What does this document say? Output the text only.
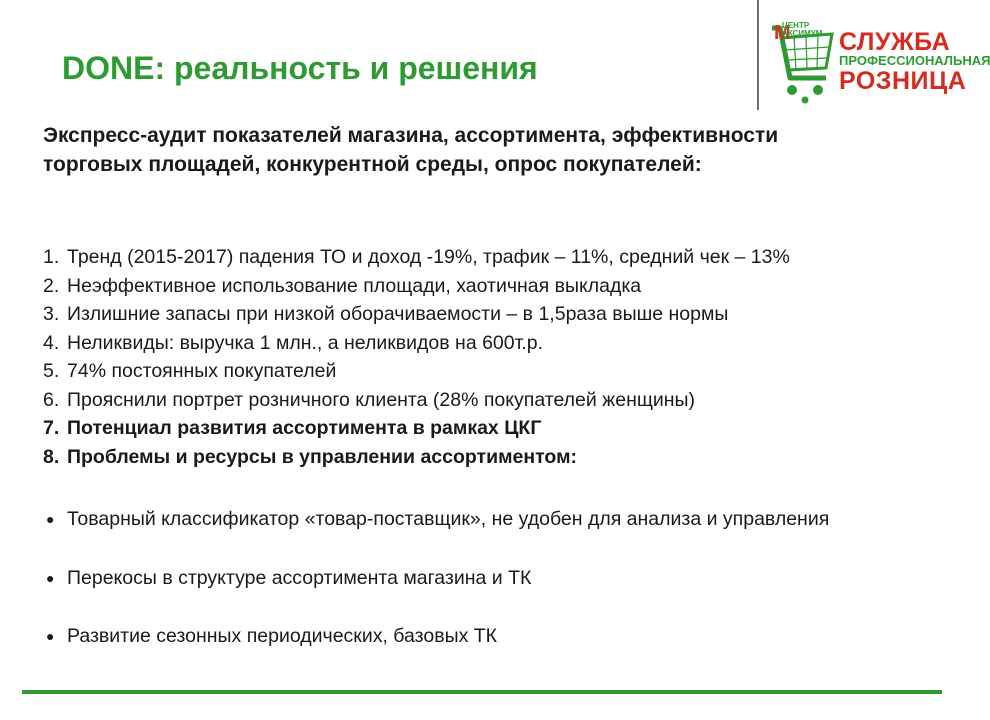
DONE: реальность и решения
М
ЦЕНТР
АКСИМУМ СЛУЖБА
ПРОФЕССИОНАЛЬНАЯ
РОЗНИЦА

Экспресс-аудит показателей магазина, ассортимента, эффективности торговых площадей, конкурентной среды, опрос покупателей:

1. Тренд (2015-2017) падения ТО и доход -19%, трафик – 11%, средний чек – 13%
2. Неэффективное использование площади, хаотичная выкладка
3. Излишние запасы при низкой оборачиваемости – в 1,5раза выше нормы
4. Неликвиды: выручка 1 млн., а неликвидов на 600т.р.
5. 74% постоянных покупателей
6. Прояснили портрет розничного клиента (28% покупателей женщины)
7. Потенциал развития ассортимента в рамках ЦКГ
8. Проблемы и ресурсы в управлении ассортиментом:
● Товарный классификатор «товар-поставщик», не удобен для анализа и управления
● Перекосы в структуре ассортимента магазина и ТК
● Развитие сезонных периодических, базовых ТК
